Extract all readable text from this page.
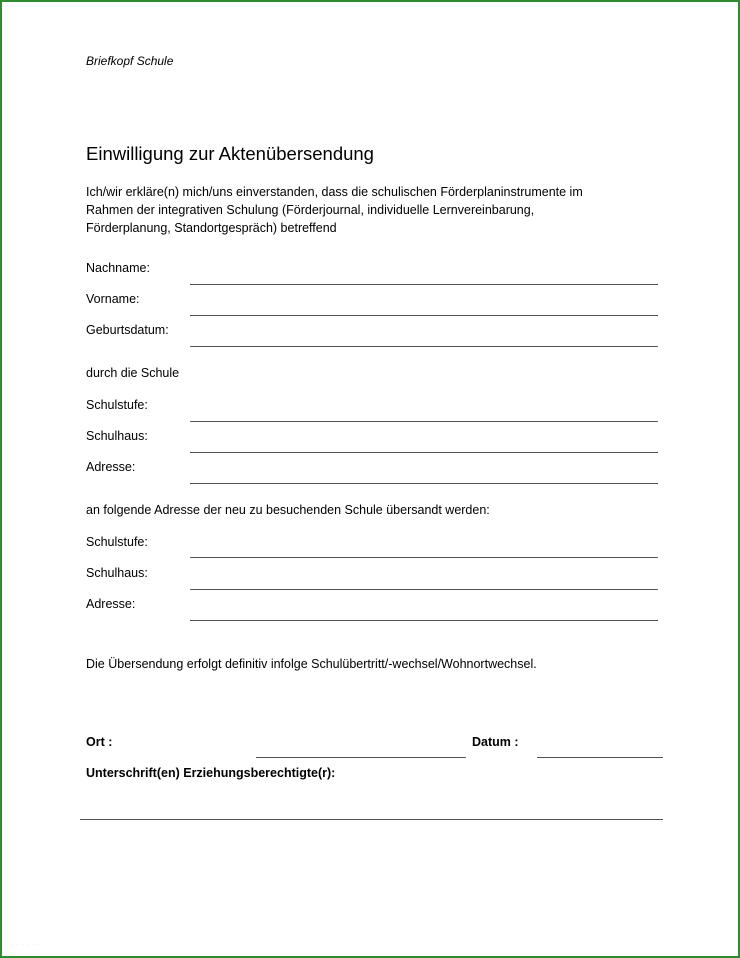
Briefkopf Schule
Einwilligung zur Aktenübersendung
Ich/wir erkläre(n) mich/uns einverstanden, dass die schulischen Förderplaninstrumente im
Rahmen der integrativen Schulung (Förderjournal, individuelle Lernvereinbarung,
Förderplanung, Standortgespräch) betreffend
Nachname:
Vorname:
Geburtsdatum:
durch die Schule
Schulstufe:
Schulhaus:
Adresse:
an folgende Adresse der neu zu besuchenden Schule übersandt werden:
Schulstufe:
Schulhaus:
Adresse:
Die Übersendung erfolgt definitiv infolge Schulübertritt/-wechsel/Wohnortwechsel.
Ort :	Datum :
Unterschrift(en) Erziehungsberechtigte(r):
· · · · · ·
